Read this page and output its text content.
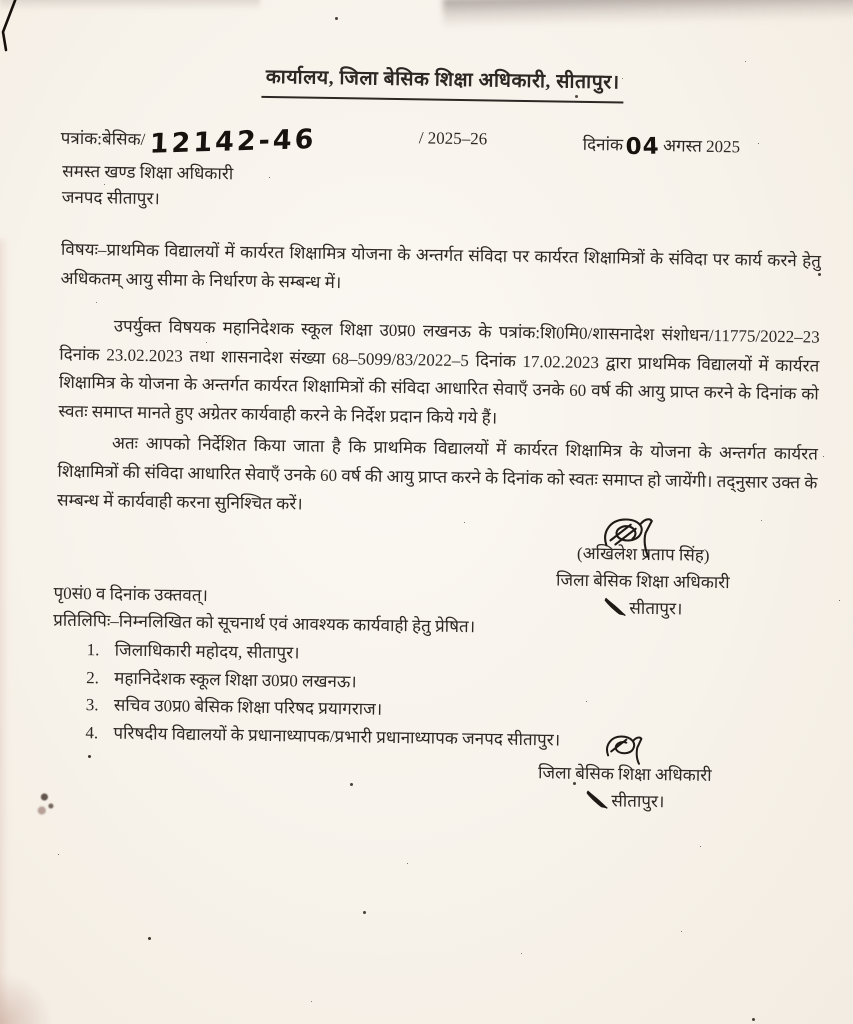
कार्यालय, जिला बेसिक शिक्षा अधिकारी, सीतापुर।
पत्रांक:बेसिक/ 12142-46	/ 2025–26	दिनांक 04 अगस्त 2025
समस्त खण्ड शिक्षा अधिकारी
जनपद सीतापुर।
विषयः–प्राथमिक विद्यालयों में कार्यरत शिक्षामित्र योजना के अन्तर्गत संविदा पर कार्यरत शिक्षामित्रों के संविदा पर कार्य करने हेतु अधिकतम् आयु सीमा के निर्धारण के सम्बन्ध में।
उपर्युक्त विषयक महानिदेशक स्कूल शिक्षा उ0प्र0 लखनऊ के पत्रांक:शि0मि0/शासनादेश संशोधन/11775/2022–23 दिनांक 23.02.2023 तथा शासनादेश संख्या 68–5099/83/2022–5 दिनांक 17.02.2023 द्वारा प्राथमिक विद्यालयों में कार्यरत शिक्षामित्र के योजना के अन्तर्गत कार्यरत शिक्षामित्रों की संविदा आधारित सेवाएँ उनके 60 वर्ष की आयु प्राप्त करने के दिनांक को स्वतः समाप्त मानते हुए अग्रेतर कार्यवाही करने के निर्देश प्रदान किये गये हैं।
अतः आपको निर्देशित किया जाता है कि प्राथमिक विद्यालयों में कार्यरत शिक्षामित्र के योजना के अन्तर्गत कार्यरत शिक्षामित्रों की संविदा आधारित सेवाएँ उनके 60 वर्ष की आयु प्राप्त करने के दिनांक को स्वतः समाप्त हो जायेंगी। तद्नुसार उक्त के सम्बन्ध में कार्यवाही करना सुनिश्चित करें।
(अखिलेश प्रताप सिंह)
जिला बेसिक शिक्षा अधिकारी
सीतापुर।
पृ0सं0 व दिनांक उक्तवत्।
प्रतिलिपिः–निम्नलिखित को सूचनार्थ एवं आवश्यक कार्यवाही हेतु प्रेषित।
1. जिलाधिकारी महोदय, सीतापुर।
2. महानिदेशक स्कूल शिक्षा उ0प्र0 लखनऊ।
3. सचिव उ0प्र0 बेसिक शिक्षा परिषद प्रयागराज।
4. परिषदीय विद्यालयों के प्रधानाध्यापक/प्रभारी प्रधानाध्यापक जनपद सीतापुर।
जिला बेसिक शिक्षा अधिकारी
सीतापुर।
